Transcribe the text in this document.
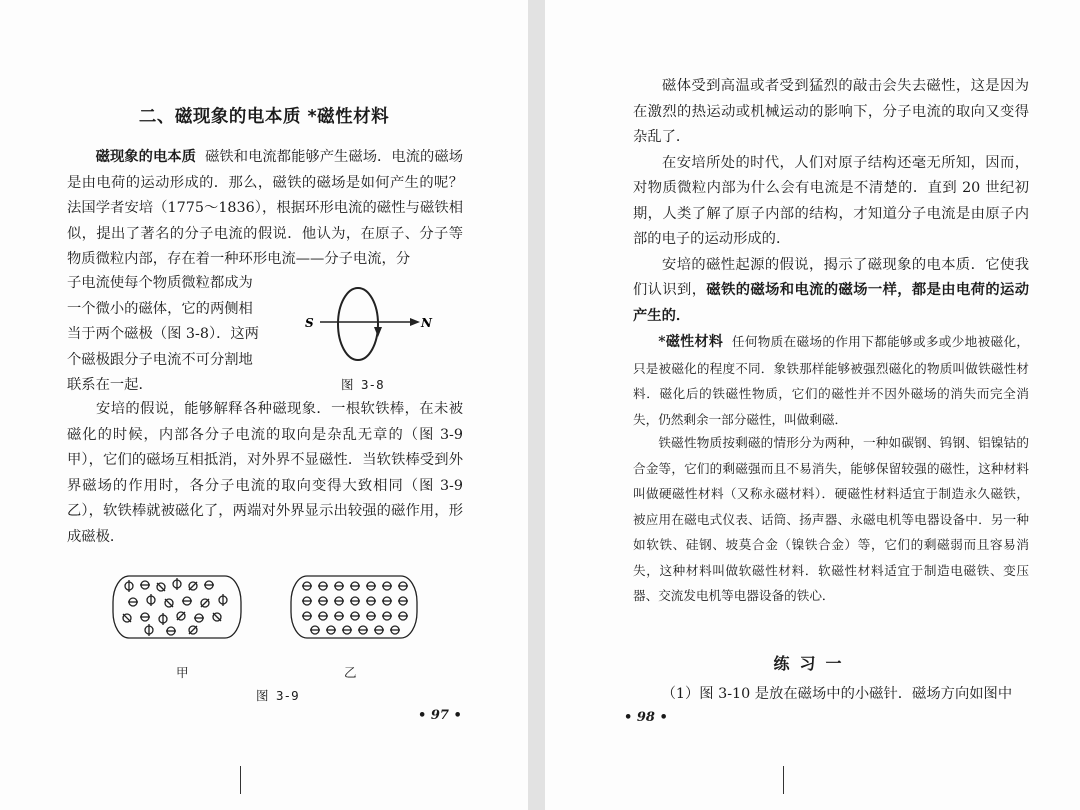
二、磁现象的电本质 *磁性材料

磁现象的电本质 磁铁和电流都能够产生磁场．电流的磁场是由电荷的运动形成的．那么，磁铁的磁场是如何产生的呢？法国学者安培（1775～1836），根据环形电流的磁性与磁铁相似，提出了著名的分子电流的假说．他认为，在原子、分子等物质微粒内部，存在着一种环形电流——分子电流，分

子电流使每个物质微粒都成为
一个微小的磁体，它的两侧相
当于两个磁极（图 3-8）．这两
个磁极跟分子电流不可分割地
联系在一起．
S	N
图 3-8

安培的假说，能够解释各种磁现象．一根软铁棒，在未被磁化的时候，内部各分子电流的取向是杂乱无章的（图 3-9 甲），它们的磁场互相抵消，对外界不显磁性．当软铁棒受到外界磁场的作用时，各分子电流的取向变得大致相同（图 3-9 乙），软铁棒就被磁化了，两端对外界显示出较强的磁作用，形成磁极．

甲	乙
图 3-9
• 97 •

磁体受到高温或者受到猛烈的敲击会失去磁性，这是因为在激烈的热运动或机械运动的影响下，分子电流的取向又变得杂乱了．

在安培所处的时代，人们对原子结构还毫无所知，因而，对物质微粒内部为什么会有电流是不清楚的．直到 20 世纪初期，人类了解了原子内部的结构，才知道分子电流是由原子内部的电子的运动形成的．

安培的磁性起源的假说，揭示了磁现象的电本质．它使我们认识到，磁铁的磁场和电流的磁场一样，都是由电荷的运动产生的．

*磁性材料 任何物质在磁场的作用下都能够或多或少地被磁化，只是被磁化的程度不同．象铁那样能够被强烈磁化的物质叫做铁磁性材料．磁化后的铁磁性物质，它们的磁性并不因外磁场的消失而完全消失，仍然剩余一部分磁性，叫做剩磁．

铁磁性物质按剩磁的情形分为两种，一种如碳钢、钨钢、铝镍钴的合金等，它们的剩磁强而且不易消失，能够保留较强的磁性，这种材料叫做硬磁性材料（又称永磁材料）．硬磁性材料适宜于制造永久磁铁，被应用在磁电式仪表、话筒、扬声器、永磁电机等电器设备中．另一种如软铁、硅钢、坡莫合金（镍铁合金）等，它们的剩磁弱而且容易消失，这种材料叫做软磁性材料．软磁性材料适宜于制造电磁铁、变压器、交流发电机等电器设备的铁心．

练习一

（1）图 3-10 是放在磁场中的小磁针．磁场方向如图中

• 98 •
